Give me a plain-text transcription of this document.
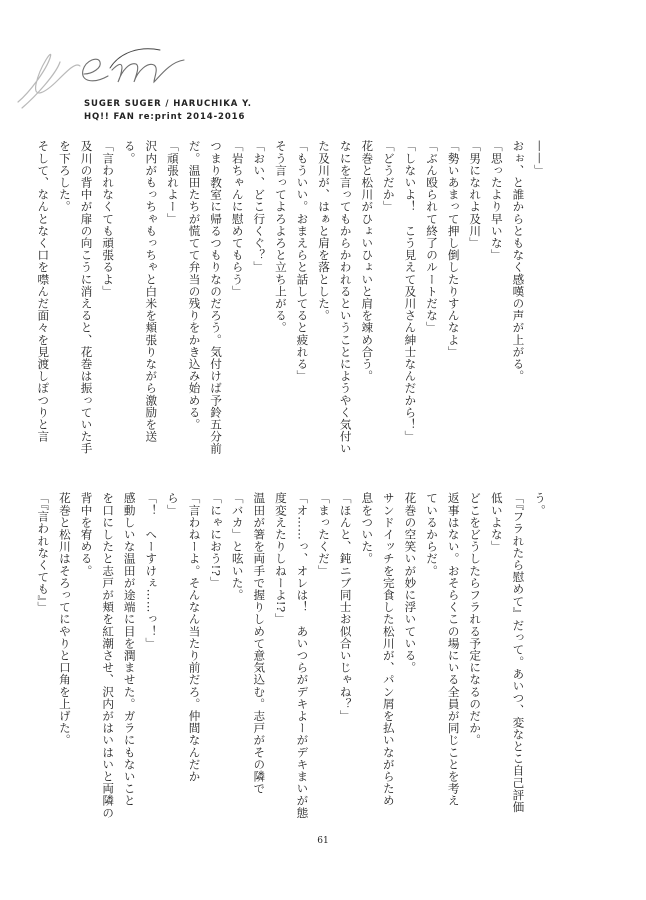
SUGER SUGER / HARUCHIKA Y.
HQ!! FAN re:print 2014-2016
——」
おぉ、と誰からともなく感嘆の声が上がる。
「思ったより早いな」
「男になれよ及川」
「勢いあまって押し倒したりすんなよ」
「ぶん殴られて終了のルートだな」
「しないよ！　こう見えて及川さん紳士なんだから！」
「どうだか」
花巻と松川がひょいひょいと肩を竦め合う。
なにを言ってもからかわれるということにようやく気付い
た及川が、はぁと肩を落とした。
「もういい。おまえらと話してると疲れる」
そう言ってよろよろと立ち上がる。
「おい、どこ行くぐ？」
「岩ちゃんに慰めてもらう」
つまり教室に帰るつもりなのだろう。気付けば予鈴五分前
だ。温田たちが慌てて弁当の残りをかき込み始める。
「頑張れよー」
沢内がもっちゃもっちゃと白米を頬張りながら激励を送
る。
「言われなくても頑張るよ」
及川の背中が扉の向こうに消えると、花巻は振っていた手
を下ろした。
そして、なんとなく口を噤んだ面々を見渡しぽつりと言
う。
「『フラれたら慰めて』だって。あいつ、変なとこ自己評価
低いよな」
どこをどうしたらフラれる予定になるのだか。
返事はない。おそらくこの場にいる全員が同じことを考え
ているからだ。
花巻の空笑いが妙に浮いている。
サンドイッチを完食した松川が、パン屑を払いながらため
息をついた。
「ほんと、鈍ニブ同士お似合いじゃね？」
「まったくだ」
「オ……っ、オレは！　あいつらがデキよーがデキまいが態
度変えたりしねーよ!?」
温田が箸を両手で握りしめて意気込む。志戸がその隣で
「バカ」と呟いた。
「にゃにおう!?」
「言わねーよ。そんなん当たり前だろ。仲間なんだか
ら」
「！　へーすけぇ……っ！」
感動しいな温田が途端に目を潤ませた。ガラにもないこと
を口にしたと志戸が頬を紅潮させ、沢内がはいはいと両隣の
背中を宥める。
花巻と松川はそろってにやりと口角を上げた。
「『言われなくても』」
61
